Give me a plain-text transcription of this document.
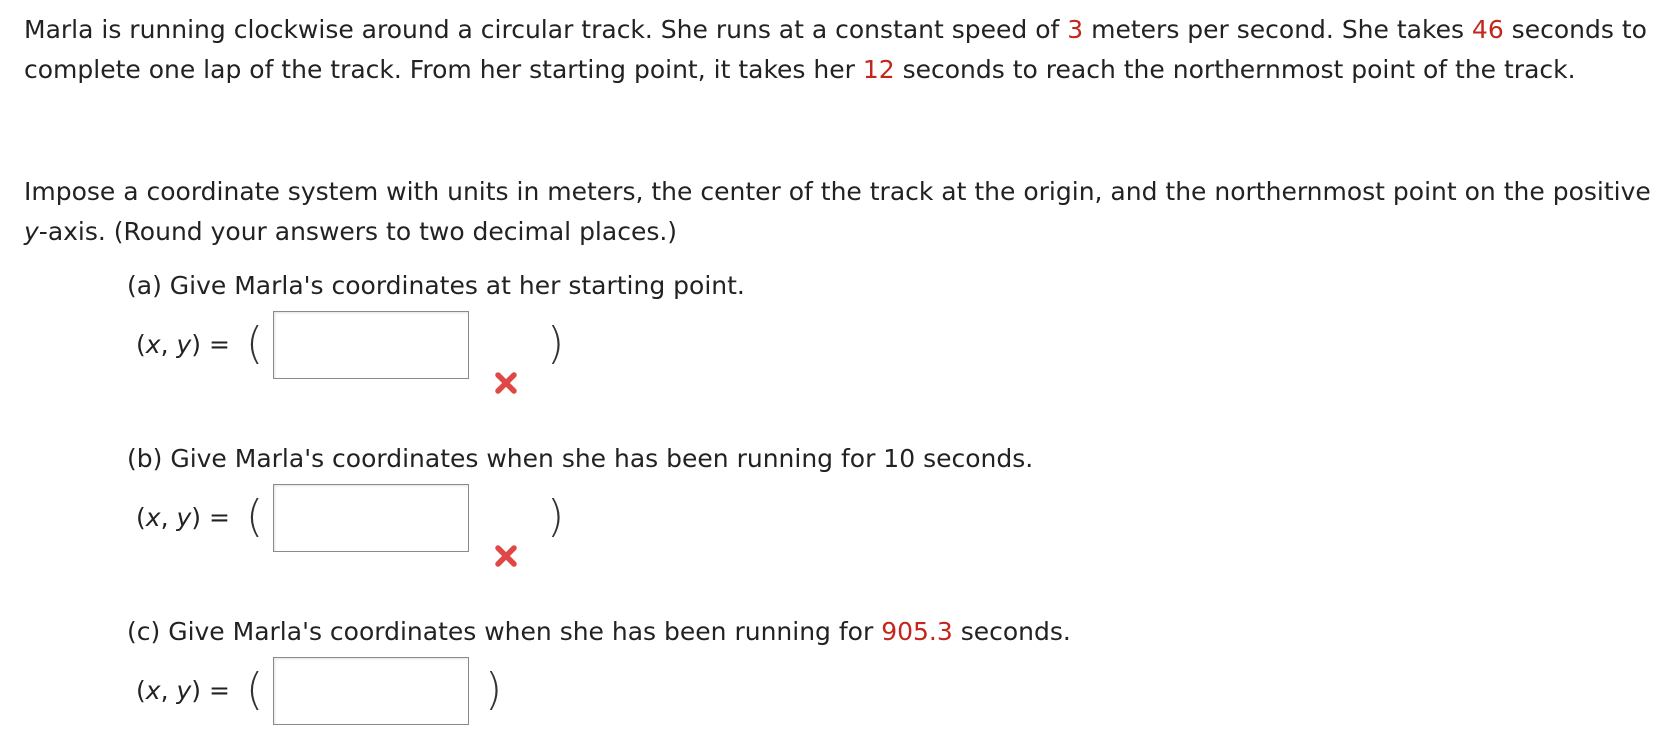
Marla is running clockwise around a circular track. She runs at a constant speed of 3 meters per second. She takes 46 seconds to complete one lap of the track. From her starting point, it takes her 12 seconds to reach the northernmost point of the track.
Impose a coordinate system with units in meters, the center of the track at the origin, and the northernmost point on the positive y-axis. (Round your answers to two decimal places.)
(a) Give Marla's coordinates at her starting point.
(x, y) = (	)
(b) Give Marla's coordinates when she has been running for 10 seconds.
(x, y) = (	)
(c) Give Marla's coordinates when she has been running for 905.3 seconds.
(x, y) = (	)
